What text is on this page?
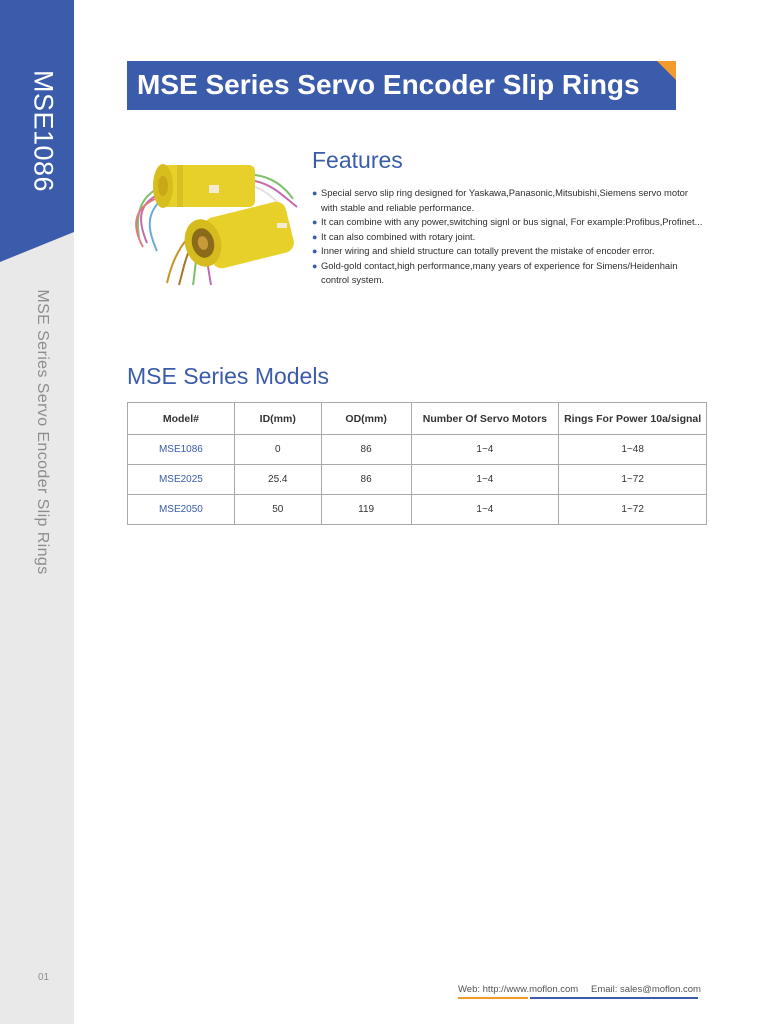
MSE1086
MSE Series Servo Encoder Slip Rings
01
MSE Series Servo Encoder Slip Rings
Features
● Special servo slip ring designed for Yaskawa,Panasonic,Mitsubishi,Siemens servo motor
with stable and reliable performance.
● It can combine with any power,switching signl or bus signal, For example:Profibus,Profinet...
● It can also combined with rotary joint.
● Inner wiring and shield structure can totally prevent the mistake of encoder error.
● Gold-gold contact,high performance,many years of experience for Simens/Heidenhain
control system.
MSE Series Models
Model#	ID(mm)	OD(mm)	Number Of Servo Motors	Rings For Power 10a/signal
MSE1086	0	86	1~4	1~48
MSE2025	25.4	86	1~4	1~72
MSE2050	50	119	1~4	1~72
Web: http://www.moflon.com Email: sales@moflon.com
